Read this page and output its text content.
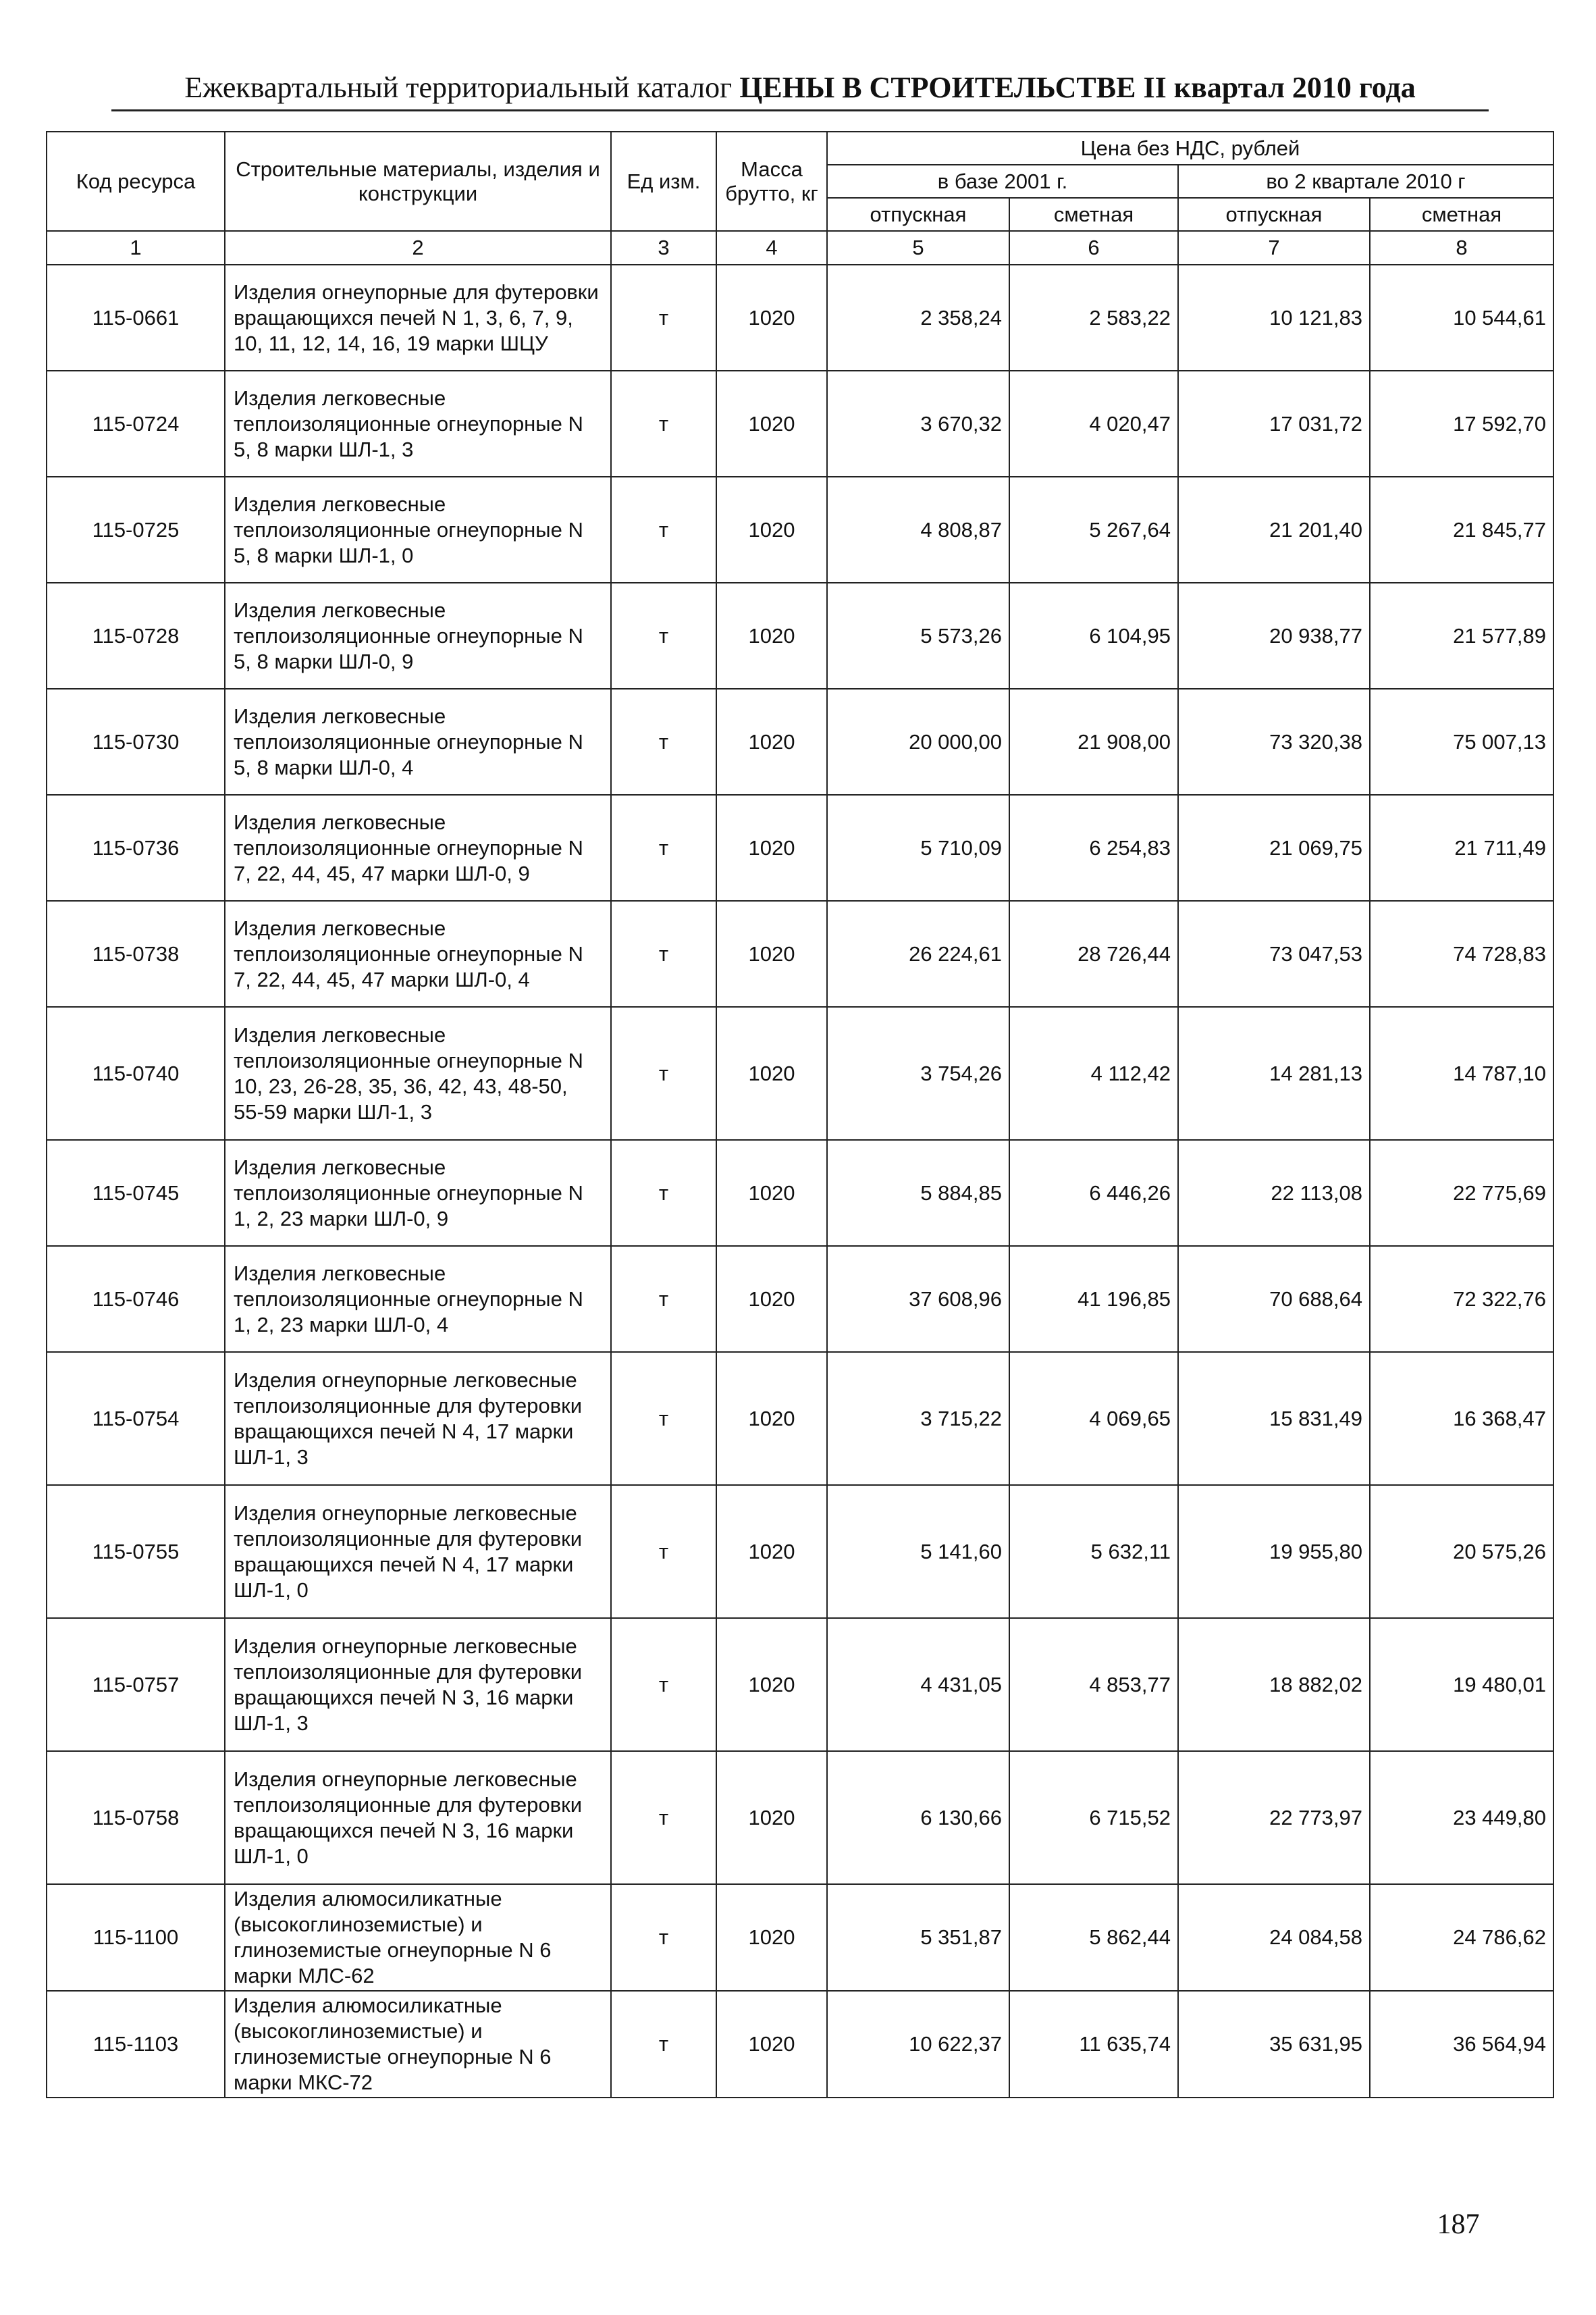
Ежеквартальный территориальный каталог ЦЕНЫ В СТРОИТЕЛЬСТВЕ II квартал 2010 года
Код ресурса	Строительные материалы, изделия и конструкции	Ед изм.	Масса брутто, кг	Цена без НДС, рублей			
				в базе 2001 г.		во 2 квартале 2010 г	
				отпускная	сметная	отпускная	сметная
1	2	3	4	5	6	7	8
115-0661	Изделия огнеупорные для футеровки вращающихся печей N 1, 3, 6, 7, 9, 10, 11, 12, 14, 16, 19 марки ШЦУ	т	1020	2 358,24	2 583,22	10 121,83	10 544,61
115-0724	Изделия легковесные теплоизоляционные огнеупорные N 5, 8 марки ШЛ-1, 3	т	1020	3 670,32	4 020,47	17 031,72	17 592,70
115-0725	Изделия легковесные теплоизоляционные огнеупорные N 5, 8 марки ШЛ-1, 0	т	1020	4 808,87	5 267,64	21 201,40	21 845,77
115-0728	Изделия легковесные теплоизоляционные огнеупорные N 5, 8 марки ШЛ-0, 9	т	1020	5 573,26	6 104,95	20 938,77	21 577,89
115-0730	Изделия легковесные теплоизоляционные огнеупорные N 5, 8 марки ШЛ-0, 4	т	1020	20 000,00	21 908,00	73 320,38	75 007,13
115-0736	Изделия легковесные теплоизоляционные огнеупорные N 7, 22, 44, 45, 47 марки ШЛ-0, 9	т	1020	5 710,09	6 254,83	21 069,75	21 711,49
115-0738	Изделия легковесные теплоизоляционные огнеупорные N 7, 22, 44, 45, 47 марки ШЛ-0, 4	т	1020	26 224,61	28 726,44	73 047,53	74 728,83
115-0740	Изделия легковесные теплоизоляционные огнеупорные N 10, 23, 26-28, 35, 36, 42, 43, 48-50, 55-59 марки ШЛ-1, 3	т	1020	3 754,26	4 112,42	14 281,13	14 787,10
115-0745	Изделия легковесные теплоизоляционные огнеупорные N 1, 2, 23 марки ШЛ-0, 9	т	1020	5 884,85	6 446,26	22 113,08	22 775,69
115-0746	Изделия легковесные теплоизоляционные огнеупорные N 1, 2, 23 марки ШЛ-0, 4	т	1020	37 608,96	41 196,85	70 688,64	72 322,76
115-0754	Изделия огнеупорные легковесные теплоизоляционные для футеровки вращающихся печей N 4, 17 марки ШЛ-1, 3	т	1020	3 715,22	4 069,65	15 831,49	16 368,47
115-0755	Изделия огнеупорные легковесные теплоизоляционные для футеровки вращающихся печей N 4, 17 марки ШЛ-1, 0	т	1020	5 141,60	5 632,11	19 955,80	20 575,26
115-0757	Изделия огнеупорные легковесные теплоизоляционные для футеровки вращающихся печей N 3, 16 марки ШЛ-1, 3	т	1020	4 431,05	4 853,77	18 882,02	19 480,01
115-0758	Изделия огнеупорные легковесные теплоизоляционные для футеровки вращающихся печей N 3, 16 марки ШЛ-1, 0	т	1020	6 130,66	6 715,52	22 773,97	23 449,80
115-1100	Изделия алюмосиликатные (высокоглиноземистые) и глиноземистые огнеупорные N 6 марки МЛС-62	т	1020	5 351,87	5 862,44	24 084,58	24 786,62
115-1103	Изделия алюмосиликатные (высокоглиноземистые) и глиноземистые огнеупорные N 6 марки МКС-72	т	1020	10 622,37	11 635,74	35 631,95	36 564,94
187
